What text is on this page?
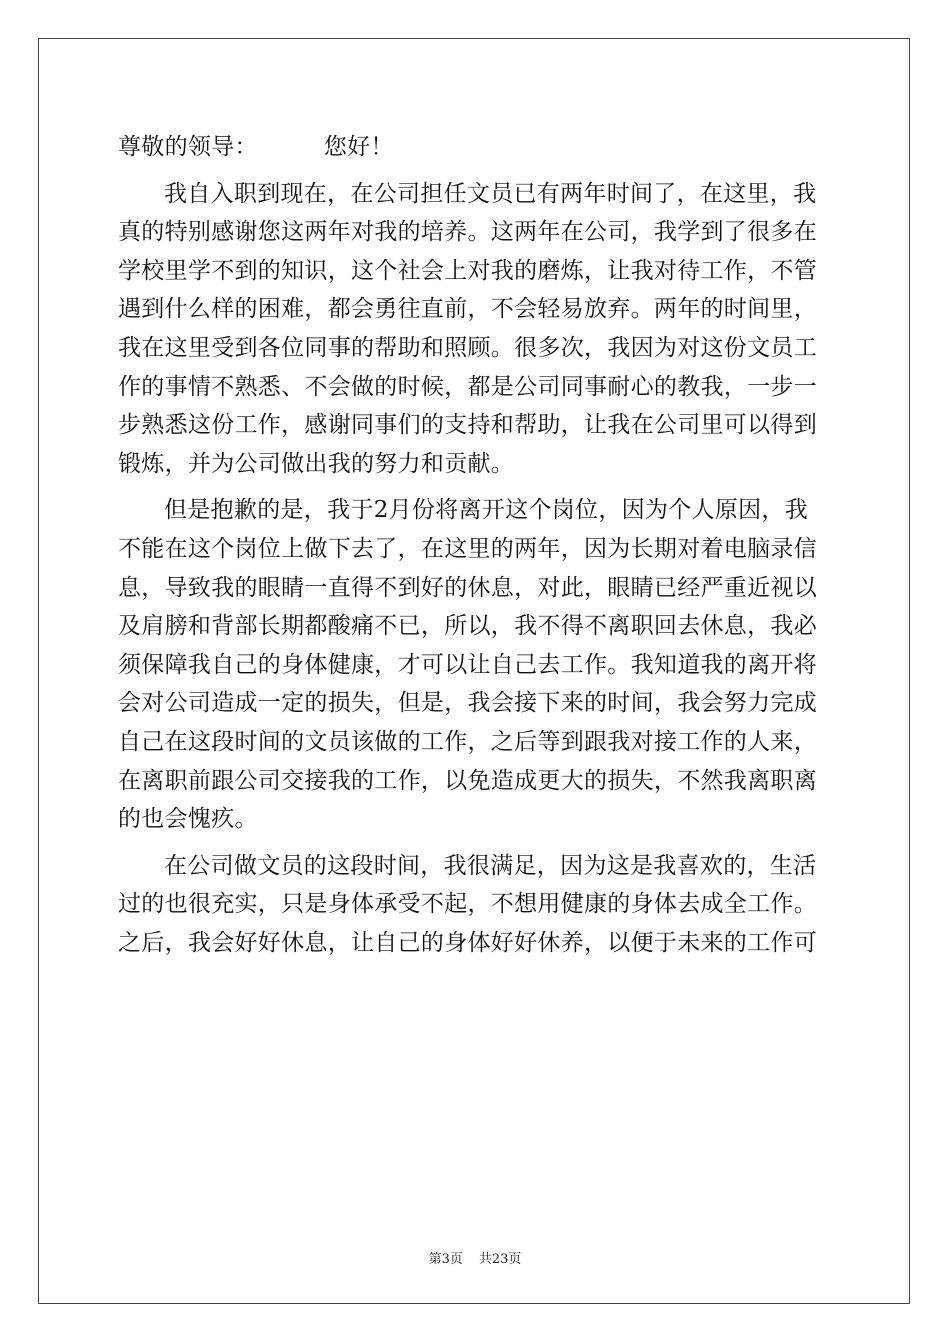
尊敬的领导：	您好！
我自入职到现在，在公司担任文员已有两年时间了，在这里，我
真的特别感谢您这两年对我的培养。这两年在公司，我学到了很多在
学校里学不到的知识，这个社会上对我的磨炼，让我对待工作，不管
遇到什么样的困难，都会勇往直前，不会轻易放弃。两年的时间里，
我在这里受到各位同事的帮助和照顾。很多次，我因为对这份文员工
作的事情不熟悉、不会做的时候，都是公司同事耐心的教我，一步一
步熟悉这份工作，感谢同事们的支持和帮助，让我在公司里可以得到
锻炼，并为公司做出我的努力和贡献。
但是抱歉的是，我于2月份将离开这个岗位，因为个人原因，我
不能在这个岗位上做下去了，在这里的两年，因为长期对着电脑录信
息，导致我的眼睛一直得不到好的休息，对此，眼睛已经严重近视以
及肩膀和背部长期都酸痛不已，所以，我不得不离职回去休息，我必
须保障我自己的身体健康，才可以让自己去工作。我知道我的离开将
会对公司造成一定的损失，但是，我会接下来的时间，我会努力完成
自己在这段时间的文员该做的工作，之后等到跟我对接工作的人来，
在离职前跟公司交接我的工作，以免造成更大的损失，不然我离职离
的也会愧疚。
在公司做文员的这段时间，我很满足，因为这是我喜欢的，生活
过的也很充实，只是身体承受不起，不想用健康的身体去成全工作。
之后，我会好好休息，让自己的身体好好休养，以便于未来的工作可
第3页 共23页
